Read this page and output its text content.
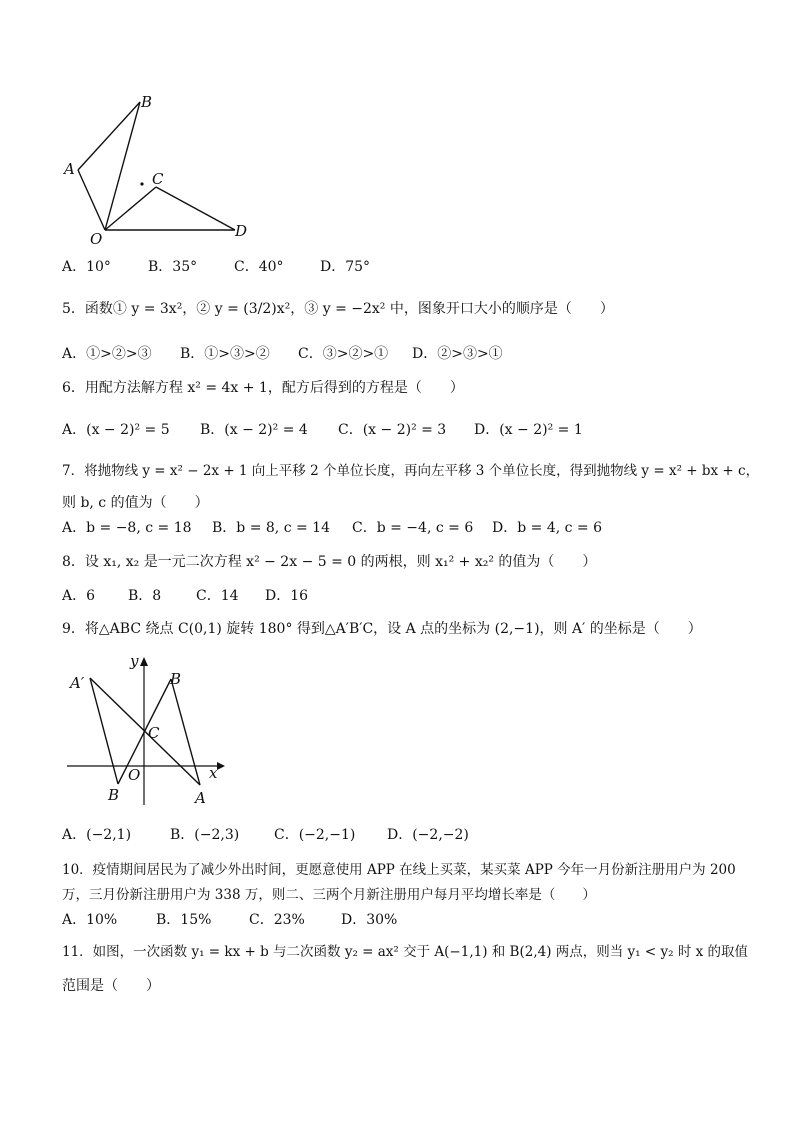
B
A
C
D
O
A．10°	B．35°	C．40°	D．75°
5．函数① y = 3x²，② y = (3/2)x²，③ y = −2x² 中，图象开口大小的顺序是（　　）
A．①>②>③ B．①>③>② C．③>②>① D．②>③>①
6．用配方法解方程 x² = 4x + 1，配方后得到的方程是（　　）
A．(x − 2)² = 5 B．(x − 2)² = 4 C．(x − 2)² = 3 D．(x − 2)² = 1
7．将抛物线 y = x² − 2x + 1 向上平移 2 个单位长度，再向左平移 3 个单位长度，得到抛物线 y = x² + bx + c，
则 b, c 的值为（　　）
A．b = −8, c = 18 B．b = 8, c = 14 C．b = −4, c = 6 D．b = 4, c = 6
8．设 x₁, x₂ 是一元二次方程 x² − 2x − 5 = 0 的两根，则 x₁² + x₂² 的值为（　　）
A．6 B．8 C．14 D．16
9．将△ABC 绕点 C(0,1) 旋转 180° 得到△A′B′C，设 A 点的坐标为 (2,−1)，则 A′ 的坐标是（　　）
y
x
A′	B
C
O
B	A
A．(−2,1)	B．(−2,3) C．(−2,−1) D．(−2,−2)
10．疫情期间居民为了减少外出时间，更愿意使用 APP 在线上买菜，某买菜 APP 今年一月份新注册用户为 200
万，三月份新注册用户为 338 万，则二、三两个月新注册用户每月平均增长率是（　　）
A．10%	B．15%	C．23%	D．30%
11．如图，一次函数 y₁ = kx + b 与二次函数 y₂ = ax² 交于 A(−1,1) 和 B(2,4) 两点，则当 y₁ < y₂ 时 x 的取值
范围是（　　）
